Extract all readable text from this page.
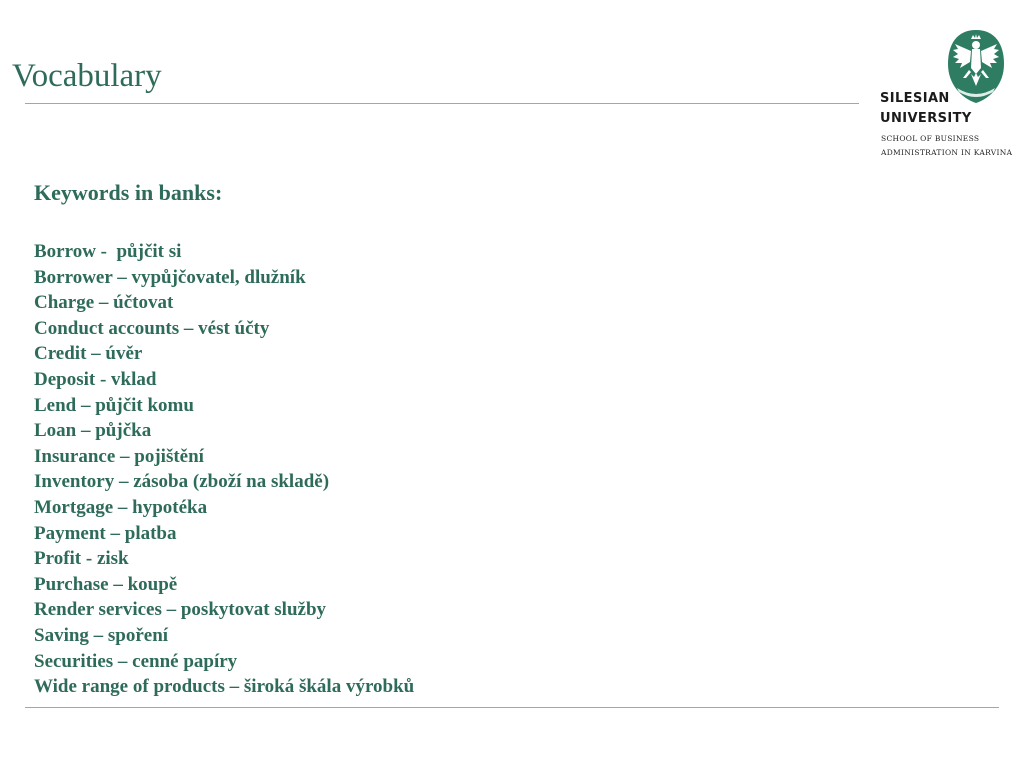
Vocabulary
SILESIAN
UNIVERSITY
SCHOOL OF BUSINESS
ADMINISTRATION IN KARVINA
Keywords in banks:
Borrow -  půjčit si
Borrower – vypůjčovatel, dlužník
Charge – účtovat
Conduct accounts – vést účty
Credit – úvěr
Deposit - vklad
Lend – půjčit komu
Loan – půjčka
Insurance – pojištění
Inventory – zásoba (zboží na skladě)
Mortgage – hypotéka
Payment – platba
Profit - zisk
Purchase – koupě
Render services – poskytovat služby
Saving – spoření
Securities – cenné papíry
Wide range of products – široká škála výrobků
